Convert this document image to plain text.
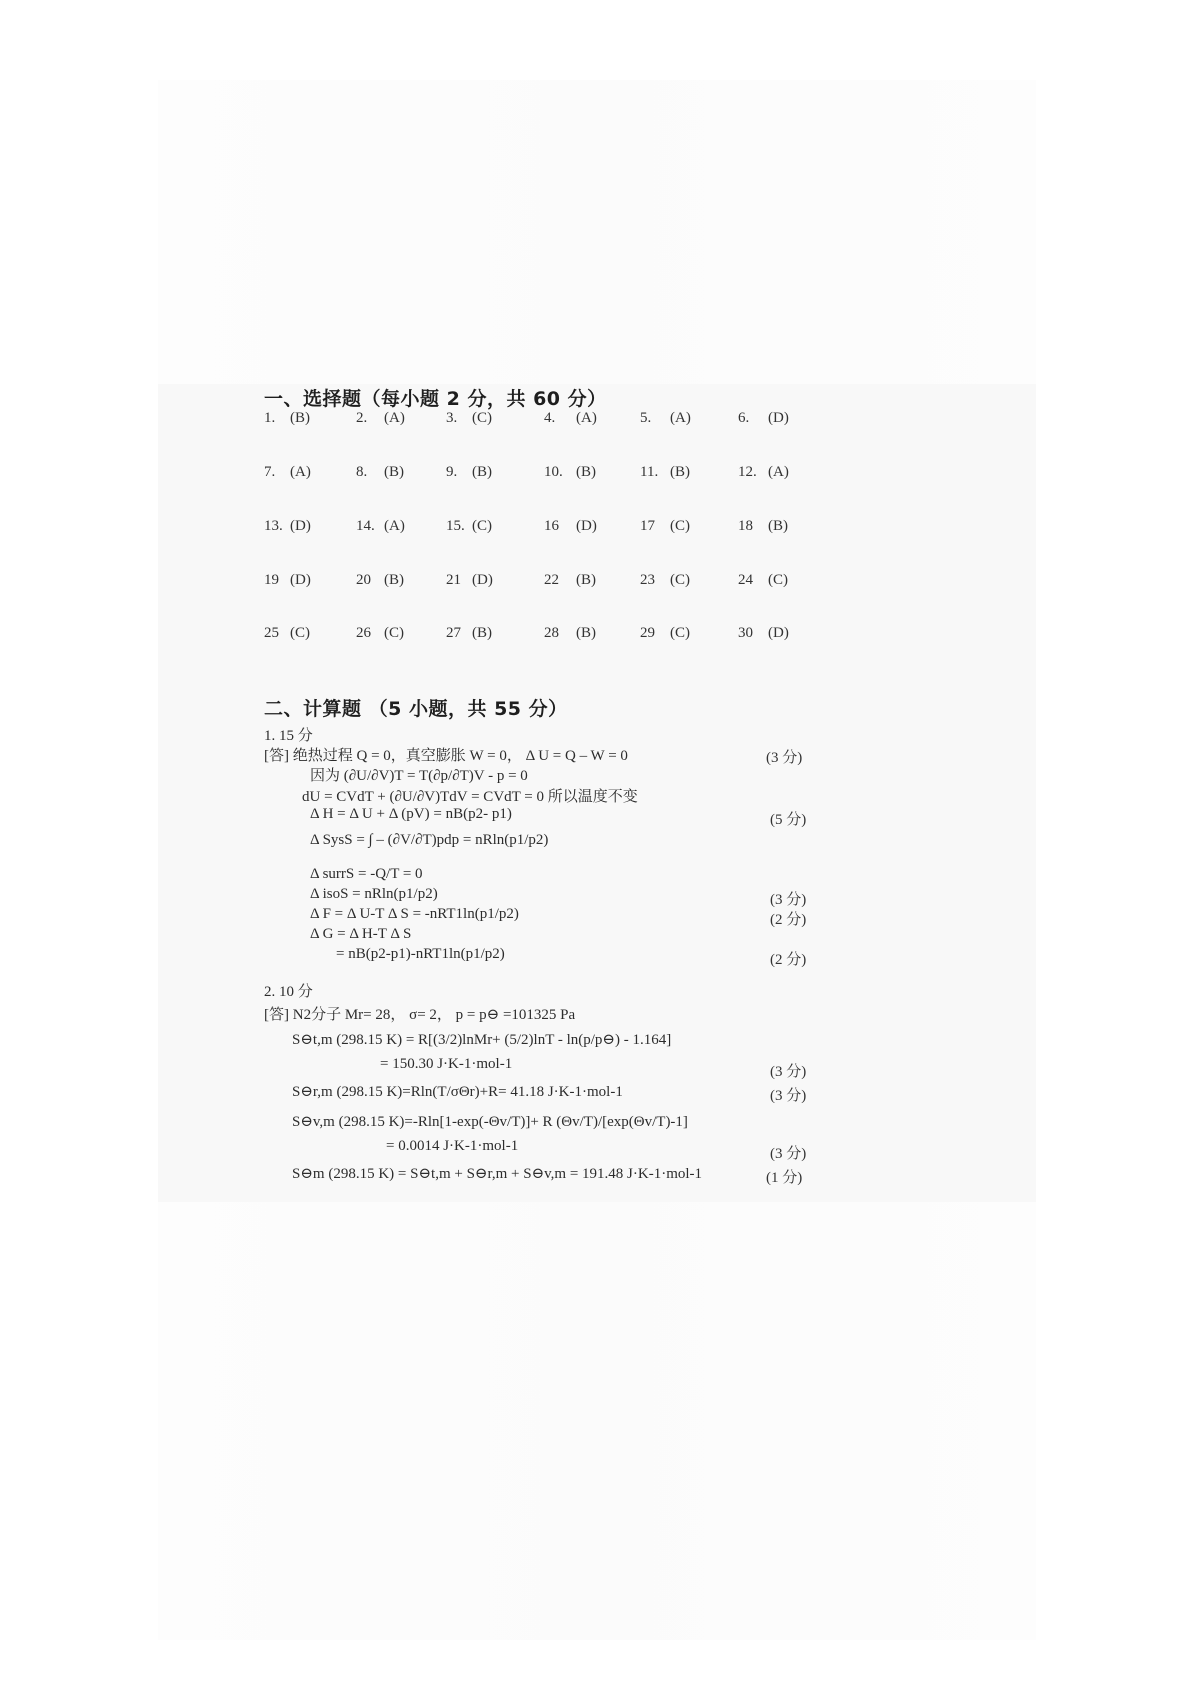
一、选择题（每小题 2 分，共 60 分）
1. (B)	2. (A)	3. (C)	4. (A)	5. (A)	6. (D)
7. (A)	8. (B)	9. (B)	10. (B)	11. (B)	12. (A)
13. (D)	14. (A)	15. (C)	16 (D)	17 (C)	18 (B)
19 (D)	20 (B)	21 (D)	22 (B)	23 (C)	24 (C)
25 (C)	26 (C)	27 (B)	28 (B)	29 (C)	30 (D)
二、计算题 （5 小题，共 55 分）
1. 15 分
[答] 绝热过程 Q = 0，真空膨胀 W = 0， Δ U = Q – W = 0	(3 分)
因为 (∂U/∂V)T = T(∂p/∂T)V - p = 0
dU = CVdT + (∂U/∂V)TdV = CVdT = 0 所以温度不变
Δ H = Δ U + Δ (pV) = nB(p2- p1)	(5 分)
Δ SysS = ∫ – (∂V/∂T)pdp = nRln(p1/p2)
Δ surrS = -Q/T = 0
Δ isoS = nRln(p1/p2)	(3 分)
Δ F = Δ U-T Δ S = -nRT1ln(p1/p2)	(2 分)
Δ G = Δ H-T Δ S
= nB(p2-p1)-nRT1ln(p1/p2)	(2 分)
2. 10 分
[答] N2分子 Mr= 28， σ= 2， p = p⊖ =101325 Pa
S⊖t,m (298.15 K) = R[(3/2)lnMr+ (5/2)lnT - ln(p/p⊖) - 1.164]
= 150.30 J·K-1·mol-1	(3 分)
S⊖r,m (298.15 K)=Rln(T/σΘr)+R= 41.18 J·K-1·mol-1	(3 分)
S⊖v,m (298.15 K)=-Rln[1-exp(-Θv/T)]+ R (Θv/T)/[exp(Θv/T)-1]
= 0.0014 J·K-1·mol-1	(3 分)
S⊖m (298.15 K) = S⊖t,m + S⊖r,m + S⊖v,m = 191.48 J·K-1·mol-1	(1 分)
